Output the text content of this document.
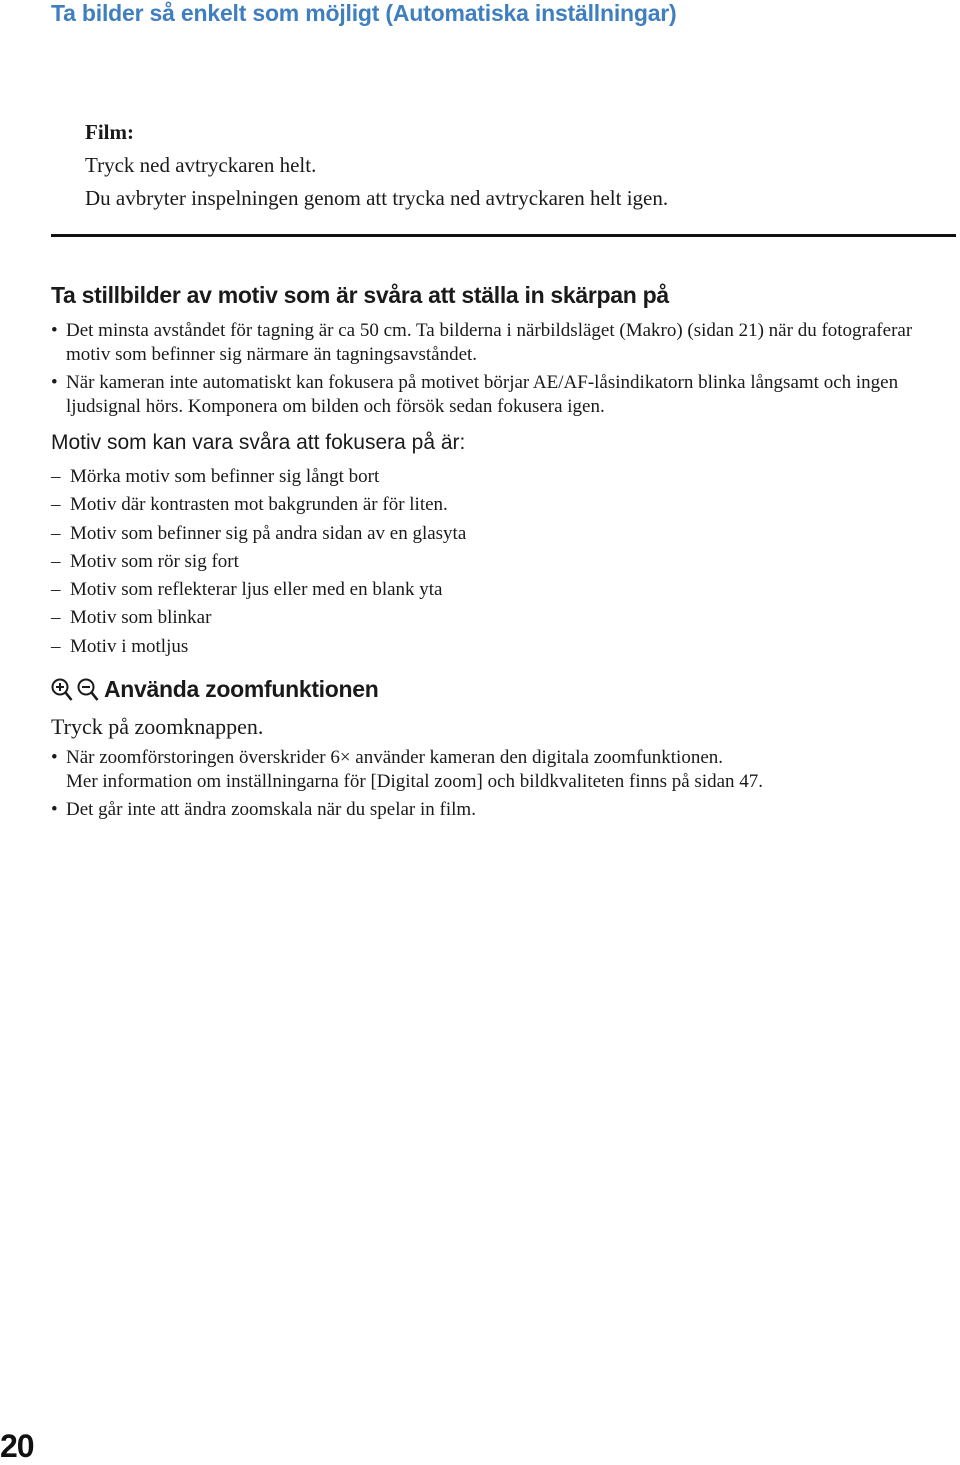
Ta bilder så enkelt som möjligt (Automatiska inställningar)
Film:
Tryck ned avtryckaren helt.
Du avbryter inspelningen genom att trycka ned avtryckaren helt igen.
Ta stillbilder av motiv som är svåra att ställa in skärpan på
• Det minsta avståndet för tagning är ca 50 cm. Ta bilderna i närbildsläget (Makro) (sidan 21) när du fotograferar motiv som befinner sig närmare än tagningsavståndet.
• När kameran inte automatiskt kan fokusera på motivet börjar AE/AF-låsindikatorn blinka långsamt och ingen ljudsignal hörs. Komponera om bilden och försök sedan fokusera igen.
Motiv som kan vara svåra att fokusera på är:
– Mörka motiv som befinner sig långt bort
– Motiv där kontrasten mot bakgrunden är för liten.
– Motiv som befinner sig på andra sidan av en glasyta
– Motiv som rör sig fort
– Motiv som reflekterar ljus eller med en blank yta
– Motiv som blinkar
– Motiv i motljus
Använda zoomfunktionen
Tryck på zoomknappen.
• När zoomförstoringen överskrider 6× använder kameran den digitala zoomfunktionen.
Mer information om inställningarna för [Digital zoom] och bildkvaliteten finns på sidan 47.
• Det går inte att ändra zoomskala när du spelar in film.
20
